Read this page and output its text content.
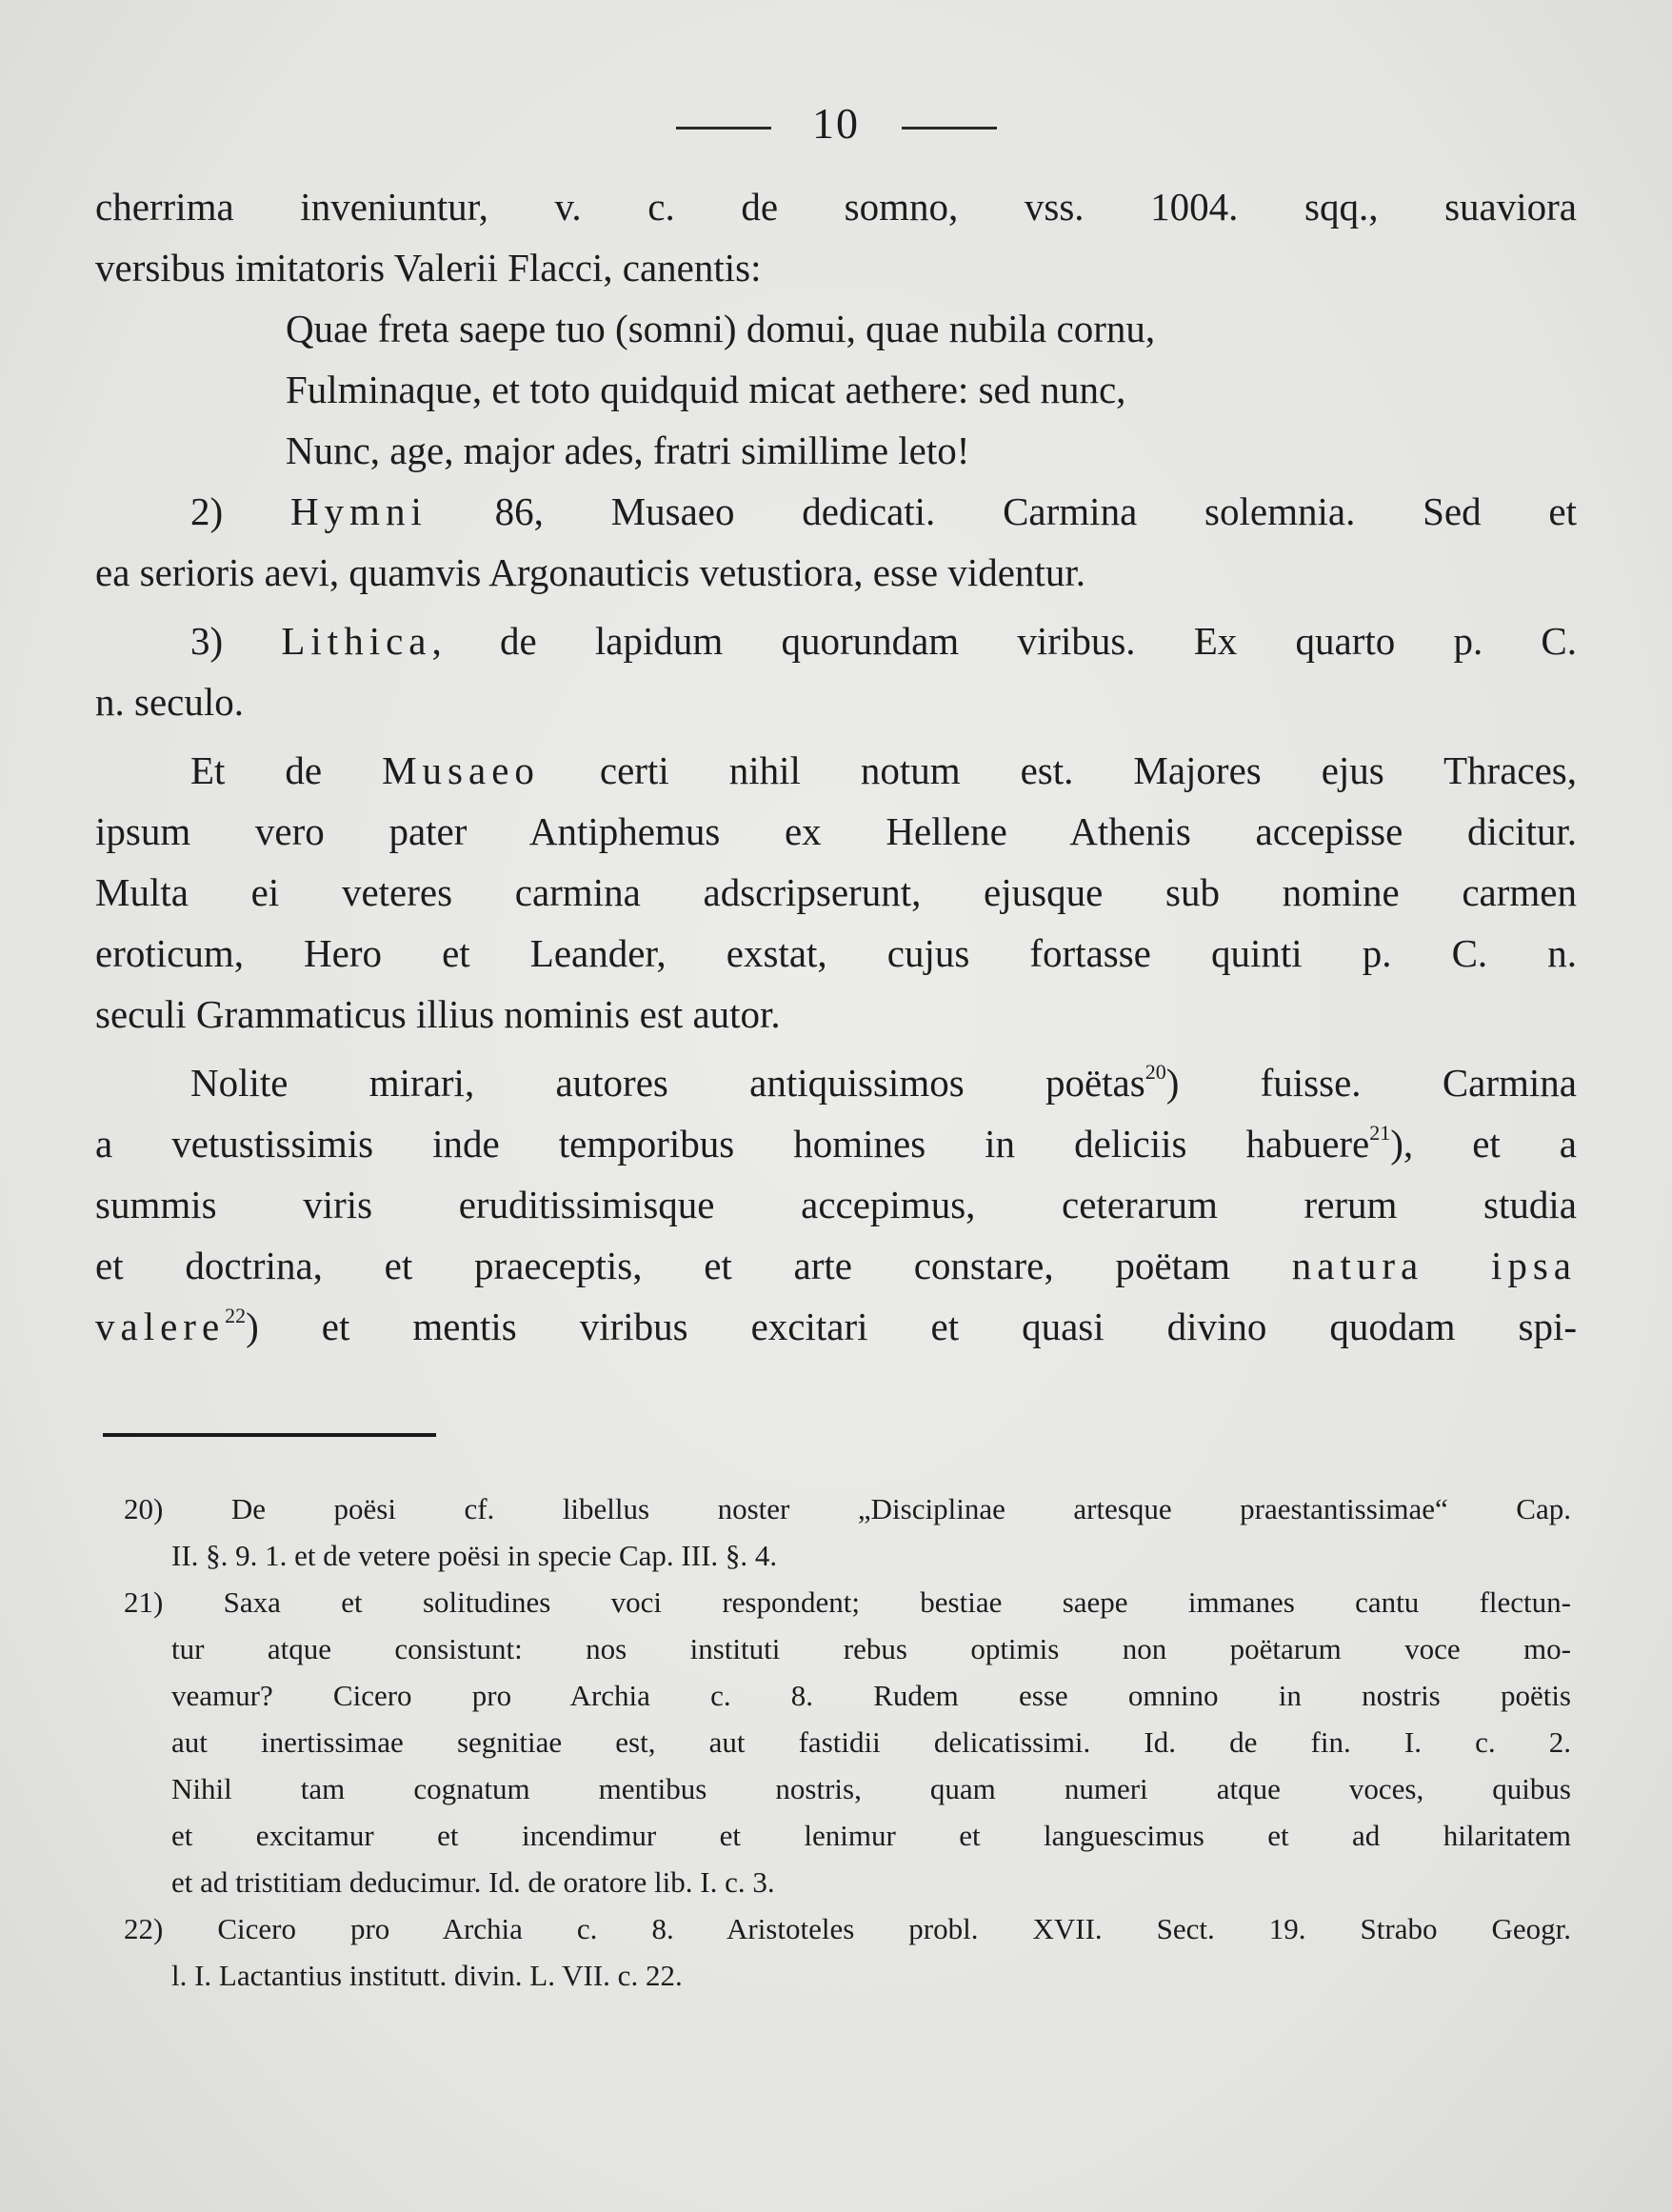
10
cherrima inveniuntur, v. c. de somno, vss. 1004. sqq., suaviora
versibus imitatoris Valerii Flacci, canentis:
Quae freta saepe tuo (somni) domui, quae nubila cornu,
Fulminaque, et toto quidquid micat aethere: sed nunc,
Nunc, age, major ades, fratri simillime leto!
2) Hymni 86, Musaeo dedicati. Carmina solemnia. Sed et
ea serioris aevi, quamvis Argonauticis vetustiora, esse videntur.
3) Lithica, de lapidum quorundam viribus. Ex quarto p. C.
n. seculo.
Et de Musaeo certi nihil notum est. Majores ejus Thraces,
ipsum vero pater Antiphemus ex Hellene Athenis accepisse dicitur.
Multa ei veteres carmina adscripserunt, ejusque sub nomine carmen
eroticum, Hero et Leander, exstat, cujus fortasse quinti p. C. n.
seculi Grammaticus illius nominis est autor.
Nolite mirari, autores antiquissimos poëtas$^{20}$) fuisse. Carmina
a vetustissimis inde temporibus homines in deliciis habuere$^{21}$), et a
summis viris eruditissimisque accepimus, ceterarum rerum studia
et doctrina, et praeceptis, et arte constare, poëtam natura ipsa
valere$^{22}$) et mentis viribus excitari et quasi divino quodam spi-
20) De poësi cf. libellus noster „Disciplinae artesque praestantissimae“ Cap.
II. §. 9. 1. et de vetere poësi in specie Cap. III. §. 4.
21) Saxa et solitudines voci respondent; bestiae saepe immanes cantu flectun-
tur atque consistunt: nos instituti rebus optimis non poëtarum voce mo-
veamur? Cicero pro Archia c. 8. Rudem esse omnino in nostris poëtis
aut inertissimae segnitiae est, aut fastidii delicatissimi. Id. de fin. I. c. 2.
Nihil tam cognatum mentibus nostris, quam numeri atque voces, quibus
et excitamur et incendimur et lenimur et languescimus et ad hilaritatem
et ad tristitiam deducimur. Id. de oratore lib. I. c. 3.
22) Cicero pro Archia c. 8. Aristoteles probl. XVII. Sect. 19. Strabo Geogr.
l. I. Lactantius institutt. divin. L. VII. c. 22.
